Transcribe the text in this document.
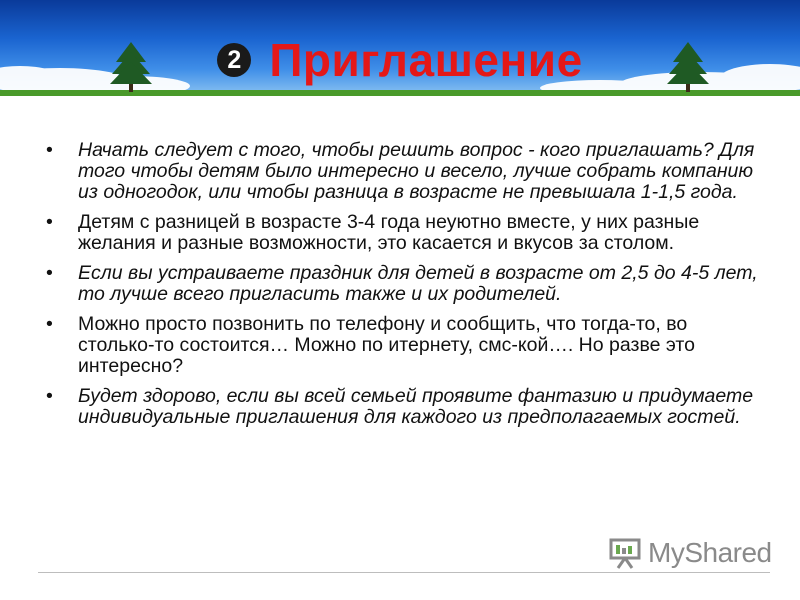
2 Приглашение
• Начать следует с того, чтобы решить вопрос - кого приглашать? Для того чтобы детям было интересно и весело, лучше собрать компанию из одногодок, или чтобы разница в возрасте не превышала 1-1,5 года.
• Детям с разницей в возрасте 3-4 года неуютно вместе, у них разные желания и разные возможности, это касается и вкусов за столом.
• Если вы устраиваете праздник для детей в возрасте от 2,5 до 4-5 лет, то лучше всего пригласить также и их родителей.
• Можно просто позвонить по телефону и сообщить, что тогда-то, во столько-то состоится… Можно по итернету, смс-кой…. Но разве это интересно?
• Будет здорово, если вы всей семьей проявите фантазию и придумаете индивидуальные приглашения для каждого из предполагаемых гостей.
MyShared
